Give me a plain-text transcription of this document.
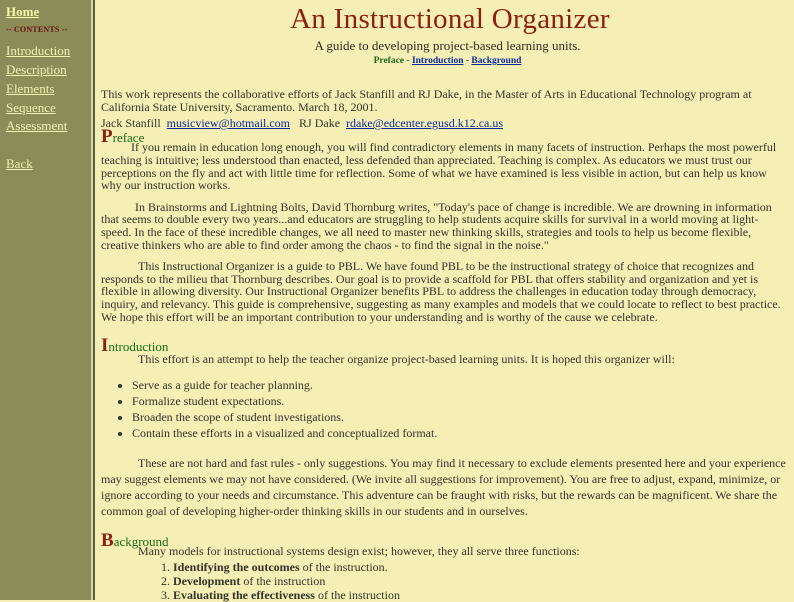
Home
-- CONTENTS --
Introduction
Description
Elements
Sequence
Assessment
Back
An Instructional Organizer
A guide to developing project-based learning units.
Preface - Introduction - Background

This work represents the collaborative efforts of Jack Stanfill and RJ Dake, in the Master of Arts in Educational Technology program at California State University, Sacramento. March 18, 2001.

Jack Stanfill musicview@hotmail.com RJ Dake rdake@edcenter.egusd.k12.ca.us

Preface

If you remain in education long enough, you will find contradictory elements in many facets of instruction. Perhaps the most powerful teaching is intuitive; less understood than enacted, less defended than appreciated. Teaching is complex. As educators we must trust our perceptions on the fly and act with little time for reflection. Some of what we have examined is less visible in action, but can help us know why our instruction works.

In Brainstorms and Lightning Bolts, David Thornburg writes, "Today's pace of change is incredible. We are drowning in information that seems to double every two years...and educators are struggling to help students acquire skills for survival in a world moving at light-speed. In the face of these incredible changes, we all need to master new thinking skills, strategies and tools to help us become flexible, creative thinkers who are able to find order among the chaos - to find the signal in the noise."

This Instructional Organizer is a guide to PBL. We have found PBL to be the instructional strategy of choice that recognizes and responds to the milieu that Thornburg describes. Our goal is to provide a scaffold for PBL that offers stability and organization and yet is flexible in allowing diversity. Our Instructional Organizer benefits PBL to address the challenges in education today through democracy, inquiry, and relevancy. This guide is comprehensive, suggesting as many examples and models that we could locate to reflect to best practice. We hope this effort will be an important contribution to your understanding and is worthy of the cause we celebrate.

Introduction

This effort is an attempt to help the teacher organize project-based learning units. It is hoped this organizer will:

• Serve as a guide for teacher planning.
• Formalize student expectations.
• Broaden the scope of student investigations.
• Contain these efforts in a visualized and conceptualized format.

These are not hard and fast rules - only suggestions. You may find it necessary to exclude elements presented here and your experience may suggest elements we may not have considered. (We invite all suggestions for improvement). You are free to adjust, expand, minimize, or ignore according to your needs and circumstance. This adventure can be fraught with risks, but the rewards can be magnificent. We share the common goal of developing higher-order thinking skills in our students and in ourselves.

Background

Many models for instructional systems design exist; however, they all serve three functions:

1. Identifying the outcomes of the instruction.
2. Development of the instruction
3. Evaluating the effectiveness of the instruction
